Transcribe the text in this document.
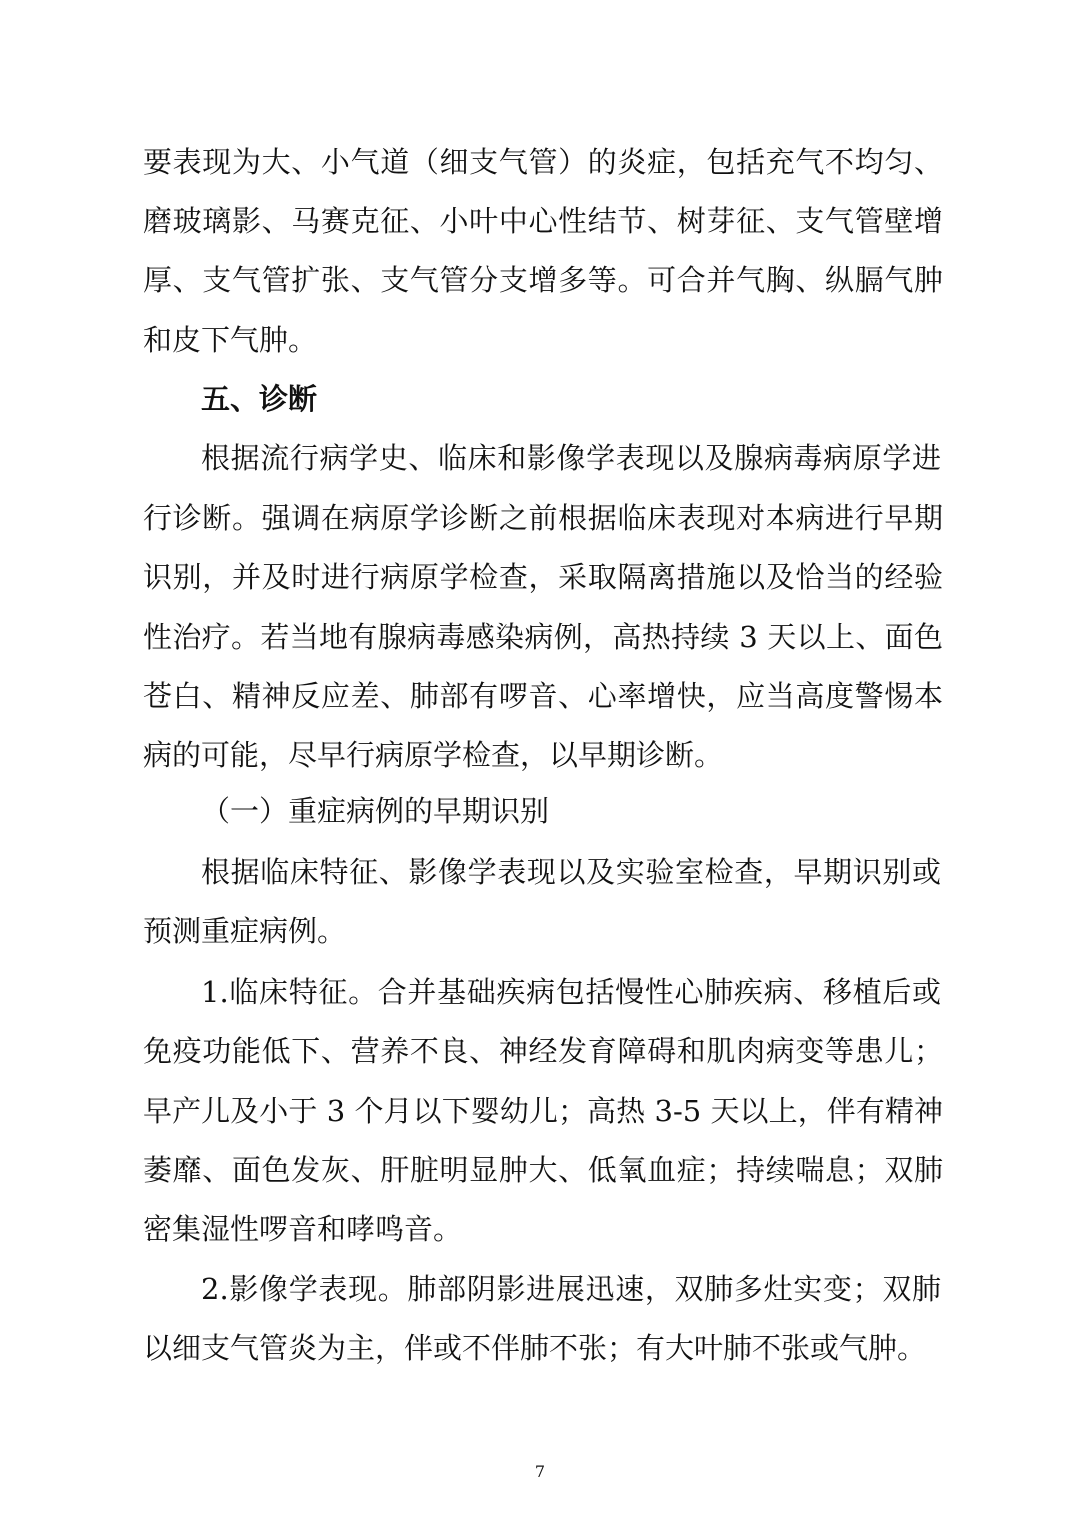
要表现为大、小气道（细支气管）的炎症，包括充气不均匀、
磨玻璃影、马赛克征、小叶中心性结节、树芽征、支气管壁增
厚、支气管扩张、支气管分支增多等。可合并气胸、纵膈气肿
和皮下气肿。
五、诊断
根据流行病学史、临床和影像学表现以及腺病毒病原学进
行诊断。强调在病原学诊断之前根据临床表现对本病进行早期
识别，并及时进行病原学检查，采取隔离措施以及恰当的经验
性治疗。若当地有腺病毒感染病例，高热持续 3 天以上、面色
苍白、精神反应差、肺部有啰音、心率增快，应当高度警惕本
病的可能，尽早行病原学检查，以早期诊断。
（一）重症病例的早期识别
根据临床特征、影像学表现以及实验室检查，早期识别或
预测重症病例。
1.临床特征。合并基础疾病包括慢性心肺疾病、移植后或
免疫功能低下、营养不良、神经发育障碍和肌肉病变等患儿；
早产儿及小于 3 个月以下婴幼儿；高热 3-5 天以上，伴有精神
萎靡、面色发灰、肝脏明显肿大、低氧血症；持续喘息；双肺
密集湿性啰音和哮鸣音。
2.影像学表现。肺部阴影进展迅速，双肺多灶实变；双肺
以细支气管炎为主，伴或不伴肺不张；有大叶肺不张或气肿。
7
